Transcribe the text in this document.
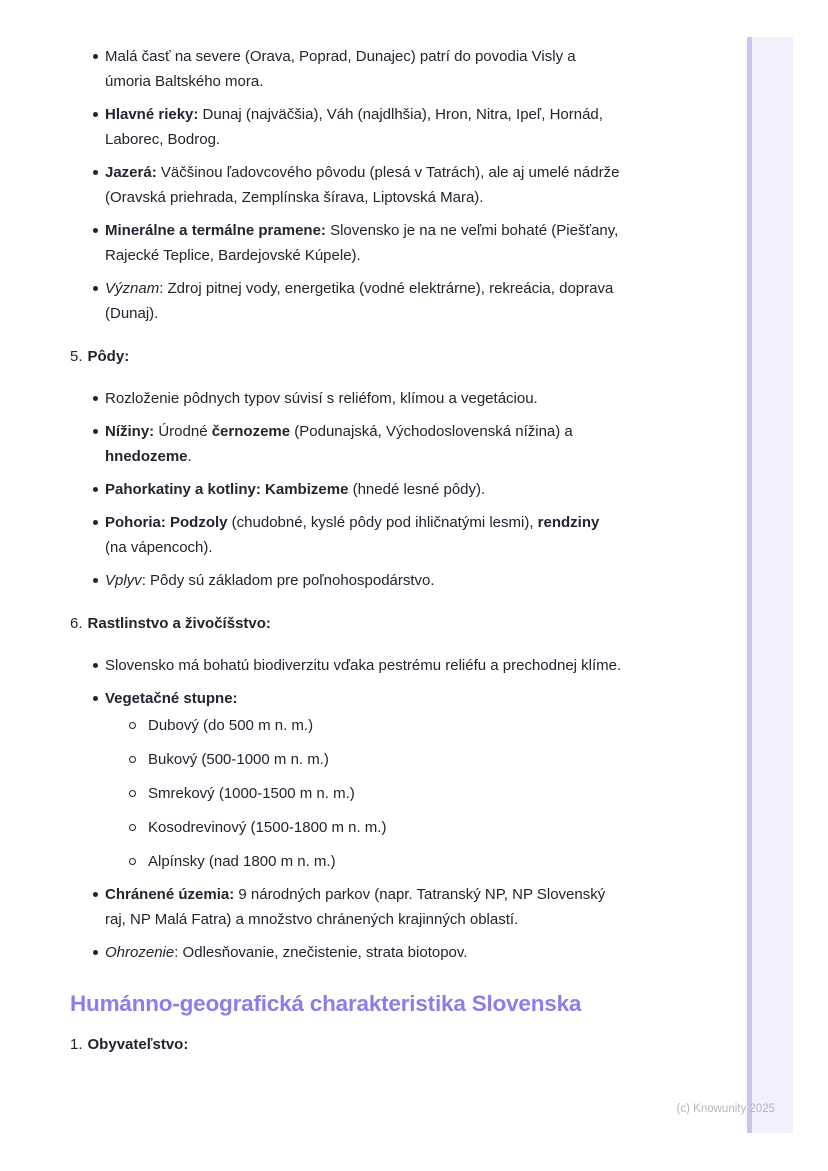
Malá časť na severe (Orava, Poprad, Dunajec) patrí do povodia Visly a úmoria Baltského mora.
Hlavné rieky: Dunaj (najväčšia), Váh (najdlhšia), Hron, Nitra, Ipeľ, Hornád, Laborec, Bodrog.
Jazerá: Väčšinou ľadovcového pôvodu (plesá v Tatrách), ale aj umelé nádrže (Oravská priehrada, Zemplínska šírava, Liptovská Mara).
Minerálne a termálne pramene: Slovensko je na ne veľmi bohaté (Piešťany, Rajecké Teplice, Bardejovské Kúpele).
Význam: Zdroj pitnej vody, energetika (vodné elektrárne), rekreácia, doprava (Dunaj).
5. Pôdy:
Rozloženie pôdnych typov súvisí s reliéfom, klímou a vegetáciou.
Nížiny: Úrodné černozeme (Podunajská, Východoslovenská nížina) a hnedozeme.
Pahorkatiny a kotliny: Kambizeme (hnedé lesné pôdy).
Pohoria: Podzoly (chudobné, kyslé pôdy pod ihličnatými lesmi), rendziny (na vápencoch).
Vplyv: Pôdy sú základom pre poľnohospodárstvo.
6. Rastlinstvo a živočíšstvo:
Slovensko má bohatú biodiverzitu vďaka pestrému reliéfu a prechodnej klíme.
Vegetačné stupne:
Dubový (do 500 m n. m.)
Bukový (500-1000 m n. m.)
Smrekový (1000-1500 m n. m.)
Kosodrevinový (1500-1800 m n. m.)
Alpínsky (nad 1800 m n. m.)
Chránené územia: 9 národných parkov (napr. Tatranský NP, NP Slovenský raj, NP Malá Fatra) a množstvo chránených krajinných oblastí.
Ohrozenie: Odlesňovanie, znečistenie, strata biotopov.
Humánno-geografická charakteristika Slovenska
1. Obyvateľstvo:
(c) Knowunity 2025
